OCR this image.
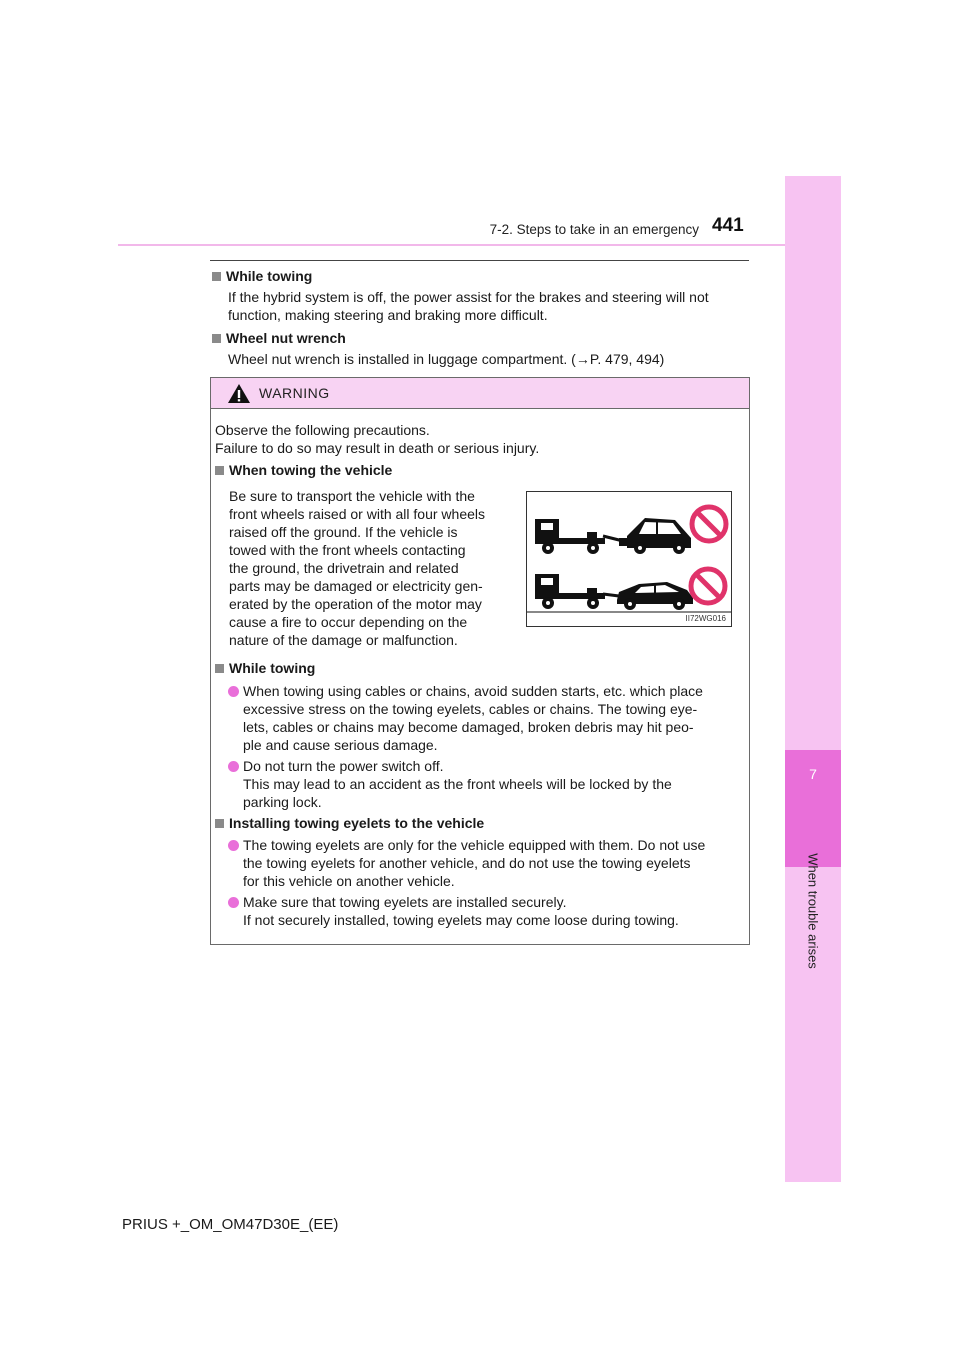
7
When trouble arises
7-2. Steps to take in an emergency 441
While towing
If the hybrid system is off, the power assist for the brakes and steering will not
function, making steering and braking more difficult.
Wheel nut wrench
Wheel nut wrench is installed in luggage compartment. (→P. 479, 494)
WARNING
Observe the following precautions.
Failure to do so may result in death or serious injury.
When towing the vehicle
Be sure to transport the vehicle with the
front wheels raised or with all four wheels
raised off the ground. If the vehicle is
towed with the front wheels contacting
the ground, the drivetrain and related
parts may be damaged or electricity gen-
erated by the operation of the motor may
cause a fire to occur depending on the
nature of the damage or malfunction.
II72WG016
While towing
When towing using cables or chains, avoid sudden starts, etc. which place
excessive stress on the towing eyelets, cables or chains. The towing eye-
lets, cables or chains may become damaged, broken debris may hit peo-
ple and cause serious damage.
Do not turn the power switch off.
This may lead to an accident as the front wheels will be locked by the
parking lock.
Installing towing eyelets to the vehicle
The towing eyelets are only for the vehicle equipped with them. Do not use
the towing eyelets for another vehicle, and do not use the towing eyelets
for this vehicle on another vehicle.
Make sure that towing eyelets are installed securely.
If not securely installed, towing eyelets may come loose during towing.
PRIUS +_OM_OM47D30E_(EE)
